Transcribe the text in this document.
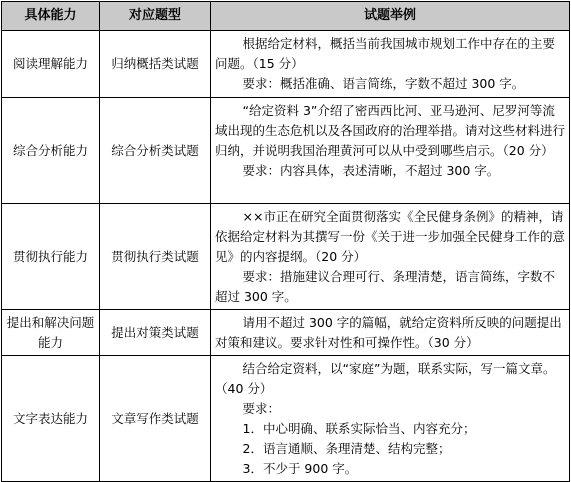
具体能力	对应题型	试题举例
阅读理解能力	归纳概括类试题	根据给定材料，概括当前我国城市规划工作中存在的主要问题。（15 分）

要求：概括准确、语言简练，字数不超过 300 字。

综合分析能力	综合分析类试题	“给定资料 3”介绍了密西西比河、亚马逊河、尼罗河等流域出现的生态危机以及各国政府的治理举措。请对这些材料进行归纳，并说明我国治理黄河可以从中受到哪些启示。（20 分）

要求：内容具体，表述清晰，不超过 300 字。

贯彻执行能力	贯彻执行类试题	××市正在研究全面贯彻落实《全民健身条例》的精神，请依据给定材料为其撰写一份《关于进一步加强全民健身工作的意见》的内容提纲。（20 分）

要求：措施建议合理可行、条理清楚，语言简练，字数不超过 300 字。

提出和解决问题能力	提出对策类试题	请用不超过 300 字的篇幅，就给定资料所反映的问题提出对策和建议。要求针对性和可操作性。（30 分）

文字表达能力	文章写作类试题	结合给定资料，以“家庭”为题，联系实际，写一篇文章。（40 分）

要求：

1．中心明确、联系实际恰当、内容充分；

2．语言通顺、条理清楚、结构完整；

3．不少于 900 字。
